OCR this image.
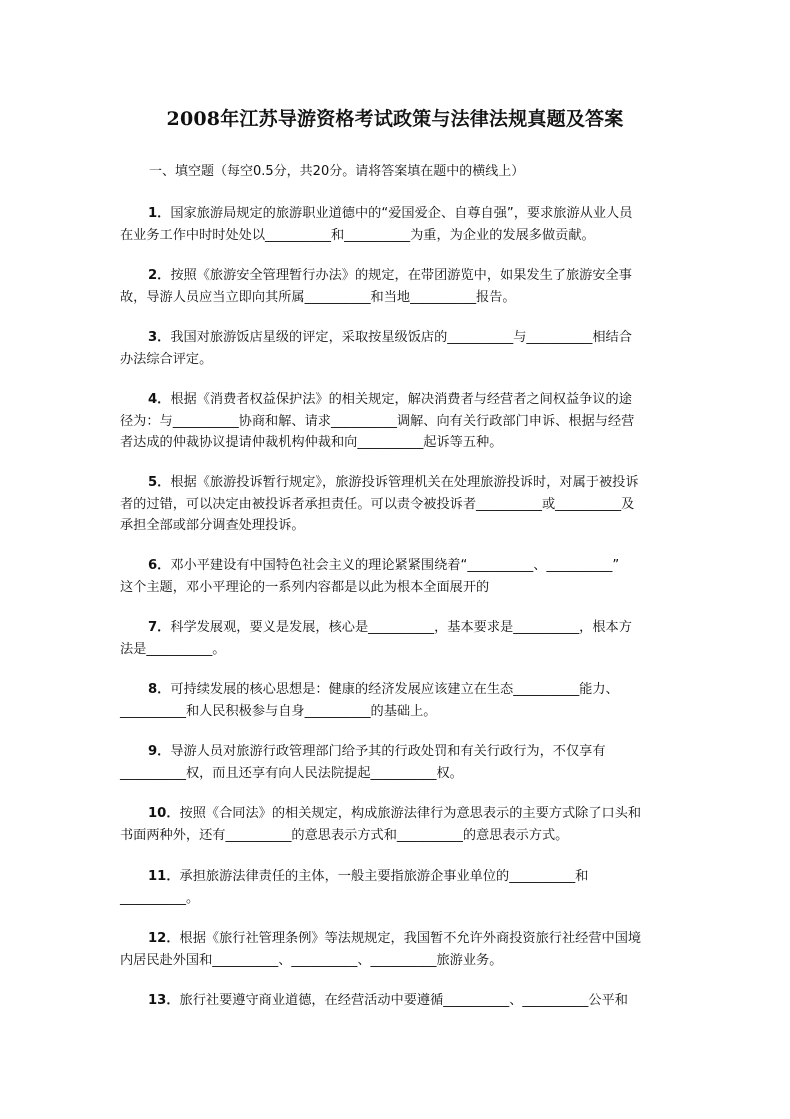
2008年江苏导游资格考试政策与法律法规真题及答案
一、填空题（每空0.5分，共20分。请将答案填在题中的横线上）
1．国家旅游局规定的旅游职业道德中的“爱国爱企、自尊自强”，要求旅游从业人员
在业务工作中时时处处以__________和__________为重，为企业的发展多做贡献。
2．按照《旅游安全管理暂行办法》的规定，在带团游览中，如果发生了旅游安全事
故，导游人员应当立即向其所属__________和当地__________报告。
3．我国对旅游饭店星级的评定，采取按星级饭店的__________与__________相结合
办法综合评定。
4．根据《消费者权益保护法》的相关规定，解决消费者与经营者之间权益争议的途
径为：与__________协商和解、请求__________调解、向有关行政部门申诉、根据与经营
者达成的仲裁协议提请仲裁机构仲裁和向__________起诉等五种。
5．根据《旅游投诉暂行规定》，旅游投诉管理机关在处理旅游投诉时，对属于被投诉
者的过错，可以决定由被投诉者承担责任。可以责令被投诉者__________或__________及
承担全部或部分调查处理投诉。
6．邓小平建设有中国特色社会主义的理论紧紧围绕着“__________、__________”
这个主题，邓小平理论的一系列内容都是以此为根本全面展开的
7．科学发展观，要义是发展，核心是__________，基本要求是__________，根本方
法是__________。
8．可持续发展的核心思想是：健康的经济发展应该建立在生态__________能力、
__________和人民积极参与自身__________的基础上。
9．导游人员对旅游行政管理部门给予其的行政处罚和有关行政行为，不仅享有
__________权，而且还享有向人民法院提起__________权。
10．按照《合同法》的相关规定，构成旅游法律行为意思表示的主要方式除了口头和
书面两种外，还有__________的意思表示方式和__________的意思表示方式。
11．承担旅游法律责任的主体，一般主要指旅游企事业单位的__________和
__________。
12．根据《旅行社管理条例》等法规规定，我国暂不允许外商投资旅行社经营中国境
内居民赴外国和__________、__________、__________旅游业务。
13．旅行社要遵守商业道德，在经营活动中要遵循__________、__________公平和
